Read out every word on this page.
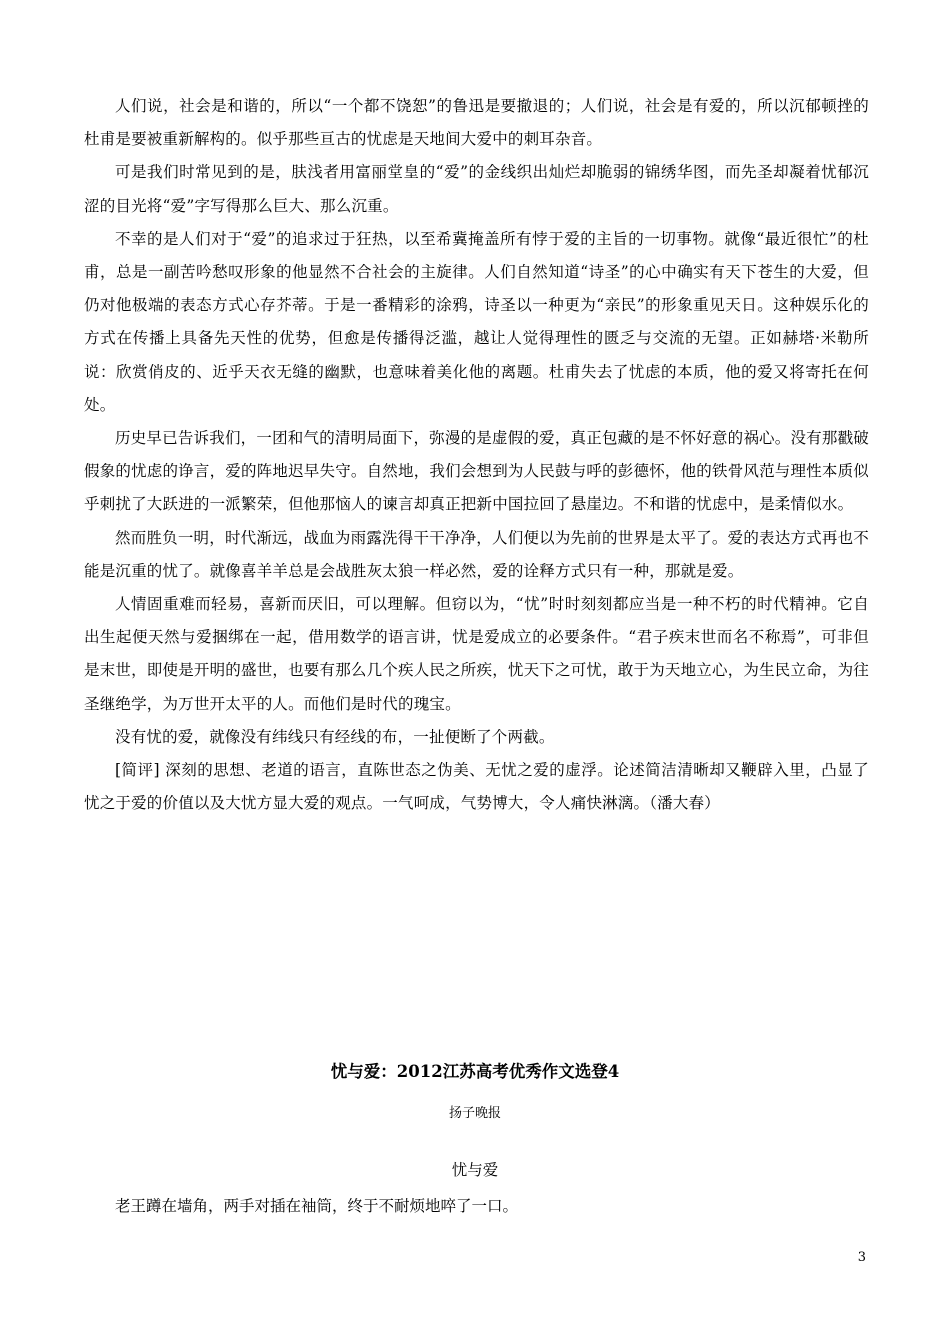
人们说，社会是和谐的，所以“一个都不饶恕”的鲁迅是要撤退的；人们说，社会是有爱的，所以沉郁顿挫的杜甫是要被重新解构的。似乎那些亘古的忧虑是天地间大爱中的刺耳杂音。

可是我们时常见到的是，肤浅者用富丽堂皇的“爱”的金线织出灿烂却脆弱的锦绣华图，而先圣却凝着忧郁沉涩的目光将“爱”字写得那么巨大、那么沉重。

不幸的是人们对于“爱”的追求过于狂热，以至希冀掩盖所有悖于爱的主旨的一切事物。就像“最近很忙”的杜甫，总是一副苦吟愁叹形象的他显然不合社会的主旋律。人们自然知道“诗圣”的心中确实有天下苍生的大爱，但仍对他极端的表态方式心存芥蒂。于是一番精彩的涂鸦，诗圣以一种更为“亲民”的形象重见天日。这种娱乐化的方式在传播上具备先天性的优势，但愈是传播得泛滥，越让人觉得理性的匮乏与交流的无望。正如赫塔·米勒所说：欣赏俏皮的、近乎天衣无缝的幽默，也意味着美化他的离题。杜甫失去了忧虑的本质，他的爱又将寄托在何处。

历史早已告诉我们，一团和气的清明局面下，弥漫的是虚假的爱，真正包藏的是不怀好意的祸心。没有那戳破假象的忧虑的诤言，爱的阵地迟早失守。自然地，我们会想到为人民鼓与呼的彭德怀，他的铁骨风范与理性本质似乎刺扰了大跃进的一派繁荣，但他那恼人的谏言却真正把新中国拉回了悬崖边。不和谐的忧虑中，是柔情似水。

然而胜负一明，时代渐远，战血为雨露洗得干干净净，人们便以为先前的世界是太平了。爱的表达方式再也不能是沉重的忧了。就像喜羊羊总是会战胜灰太狼一样必然，爱的诠释方式只有一种，那就是爱。

人情固重难而轻易，喜新而厌旧，可以理解。但窃以为，“忧”时时刻刻都应当是一种不朽的时代精神。它自出生起便天然与爱捆绑在一起，借用数学的语言讲，忧是爱成立的必要条件。“君子疾末世而名不称焉”，可非但是末世，即使是开明的盛世，也要有那么几个疾人民之所疾，忧天下之可忧，敢于为天地立心，为生民立命，为往圣继绝学，为万世开太平的人。而他们是时代的瑰宝。

没有忧的爱，就像没有纬线只有经线的布，一扯便断了个两截。

[简评] 深刻的思想、老道的语言，直陈世态之伪美、无忧之爱的虚浮。论述简洁清晰却又鞭辟入里，凸显了忧之于爱的价值以及大忧方显大爱的观点。一气呵成，气势博大，令人痛快淋漓。（潘大春）

忧与爱：2012江苏高考优秀作文选登4

扬子晚报

忧与爱

老王蹲在墙角，两手对插在袖筒，终于不耐烦地啐了一口。

3
